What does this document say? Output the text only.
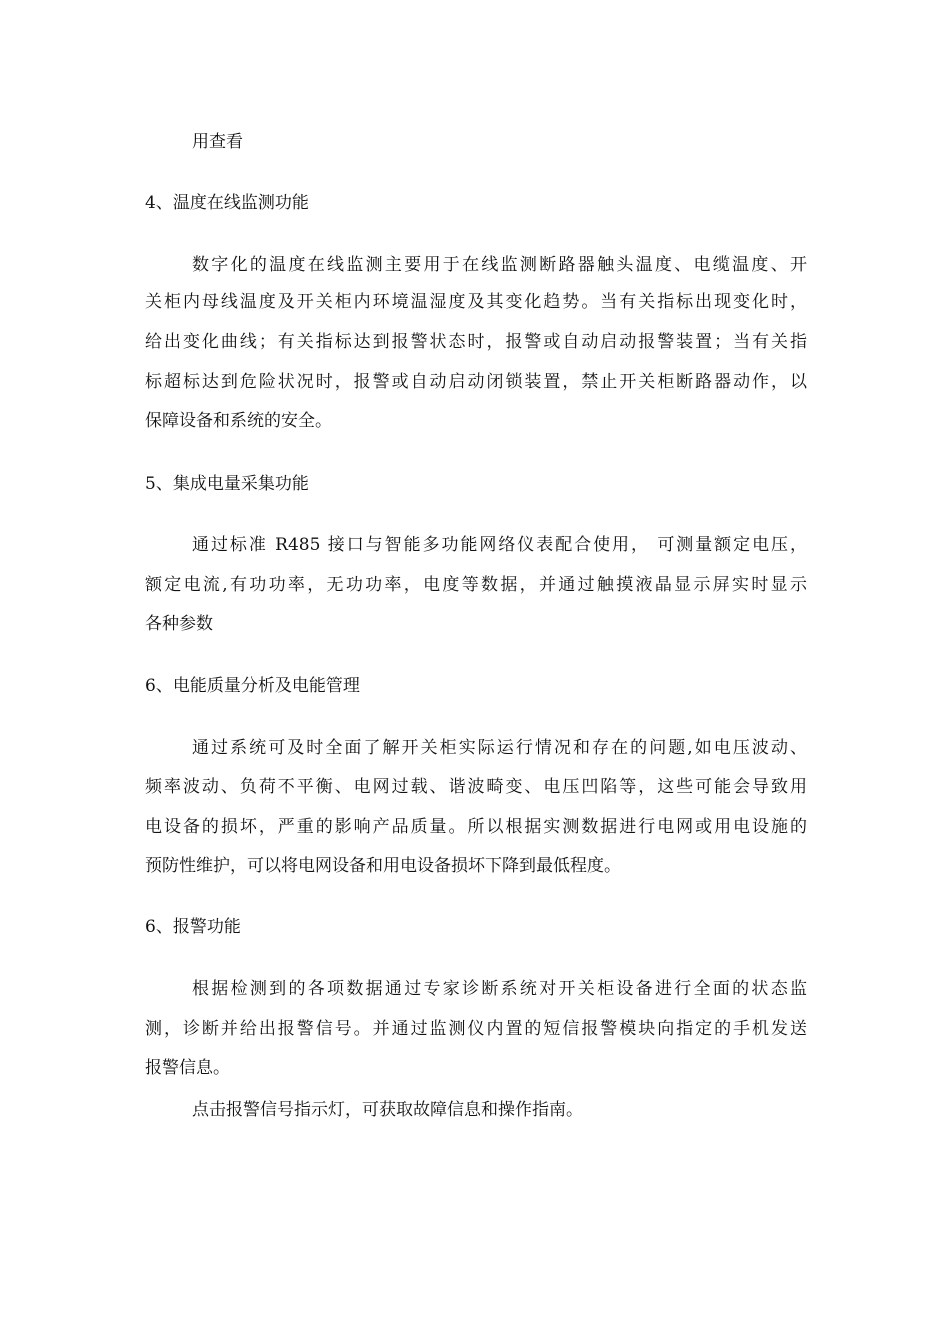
用查看
4、温度在线监测功能
数字化的温度在线监测主要用于在线监测断路器触头温度、电缆温度、开
关柜内母线温度及开关柜内环境温湿度及其变化趋势。当有关指标出现变化时，
给出变化曲线；有关指标达到报警状态时，报警或自动启动报警装置；当有关指
标超标达到危险状况时，报警或自动启动闭锁装置，禁止开关柜断路器动作，以
保障设备和系统的安全。
5、集成电量采集功能
通过标准 R485 接口与智能多功能网络仪表配合使用， 可测量额定电压，
额定电流,有功功率，无功功率，电度等数据，并通过触摸液晶显示屏实时显示
各种参数
6、电能质量分析及电能管理
通过系统可及时全面了解开关柜实际运行情况和存在的问题,如电压波动、
频率波动、负荷不平衡、电网过载、谐波畸变、电压凹陷等，这些可能会导致用
电设备的损坏，严重的影响产品质量。所以根据实测数据进行电网或用电设施的
预防性维护，可以将电网设备和用电设备损坏下降到最低程度。
6、报警功能
根据检测到的各项数据通过专家诊断系统对开关柜设备进行全面的状态监
测，诊断并给出报警信号。并通过监测仪内置的短信报警模块向指定的手机发送
报警信息。
点击报警信号指示灯，可获取故障信息和操作指南。
